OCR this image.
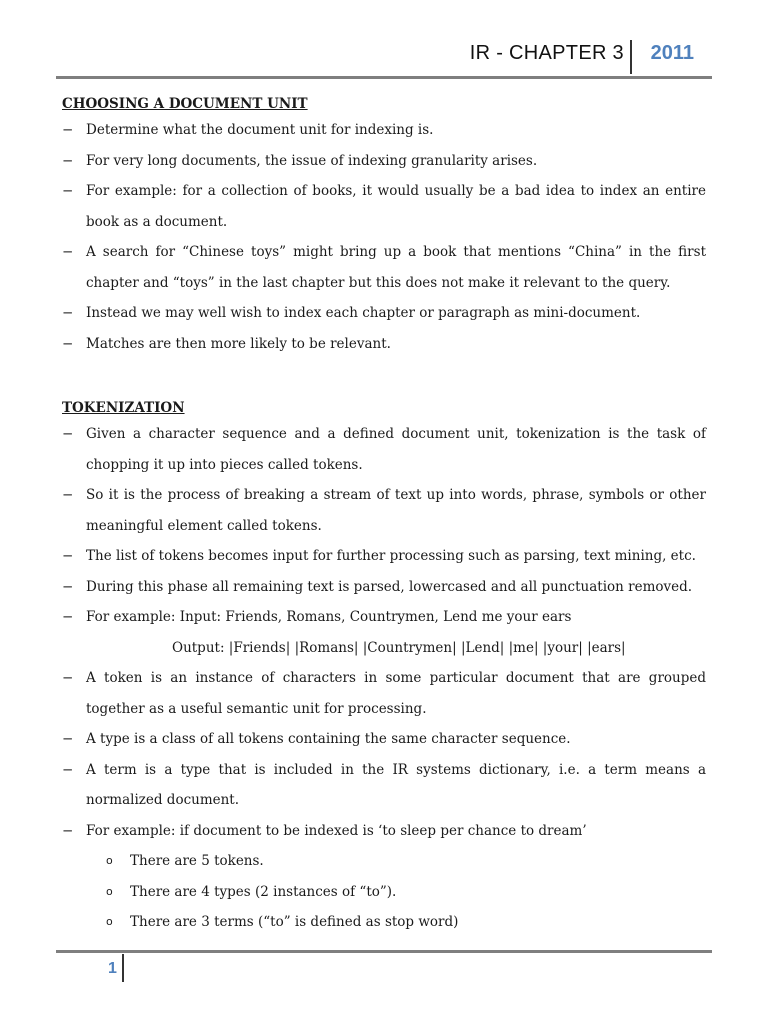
IR - CHAPTER 3 2011
CHOOSING A DOCUMENT UNIT
− Determine what the document unit for indexing is.
− For very long documents, the issue of indexing granularity arises.
− For example: for a collection of books, it would usually be a bad idea to index an entire book as a document.
− A search for “Chinese toys” might bring up a book that mentions “China” in the first chapter and “toys” in the last chapter but this does not make it relevant to the query.
− Instead we may well wish to index each chapter or paragraph as mini-document.
− Matches are then more likely to be relevant.
TOKENIZATION
− Given a character sequence and a defined document unit, tokenization is the task of chopping it up into pieces called tokens.
− So it is the process of breaking a stream of text up into words, phrase, symbols or other meaningful element called tokens.
− The list of tokens becomes input for further processing such as parsing, text mining, etc.
− During this phase all remaining text is parsed, lowercased and all punctuation removed.
− For example: Input: Friends, Romans, Countrymen, Lend me your ears
Output: |Friends| |Romans| |Countrymen| |Lend| |me| |your| |ears|
− A token is an instance of characters in some particular document that are grouped together as a useful semantic unit for processing.
− A type is a class of all tokens containing the same character sequence.
− A term is a type that is included in the IR systems dictionary, i.e. a term means a normalized document.
− For example: if document to be indexed is ‘to sleep per chance to dream’
o There are 5 tokens.
o There are 4 types (2 instances of “to”).
o There are 3 terms (“to” is defined as stop word)
1
